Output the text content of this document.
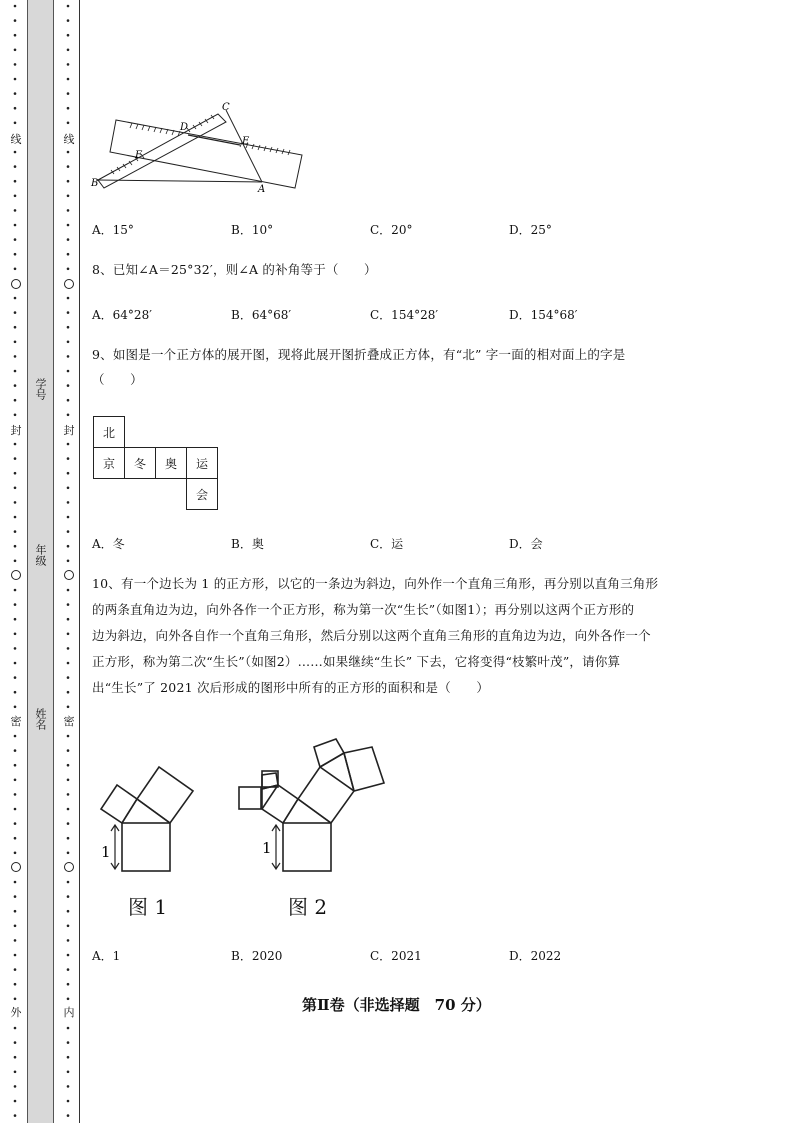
线
封
密
外
线
封
密
内
学号
年级
姓名
C
D
E
F
B
A
A．15°	B．10°	C．20°	D．25°
8、已知∠A＝25°32′，则∠A 的补角等于（　　）
A．64°28′	B．64°68′	C．154°28′	D．154°68′
9、如图是一个正方体的展开图，现将此展开图折叠成正方体，有“北” 字一面的相对面上的字是
（　　）
北			
京	冬	奥	运
			会
A．冬	B．奥	C．运	D．会
10、有一个边长为 1 的正方形，以它的一条边为斜边，向外作一个直角三角形，再分别以直角三角形
的两条直角边为边，向外各作一个正方形，称为第一次“生长”（如图1）；再分别以这两个正方形的
边为斜边，向外各自作一个直角三角形，然后分别以这两个直角三角形的直角边为边，向外各作一个
正方形，称为第二次“生长”（如图2）……如果继续“生长” 下去，它将变得“枝繁叶茂”，请你算
出“生长”了 2021 次后形成的图形中所有的正方形的面积和是（　　）
1
图 1
1
图 2
A．1	B．2020	C．2021	D．2022
第Ⅱ卷（非选择题　70 分）
